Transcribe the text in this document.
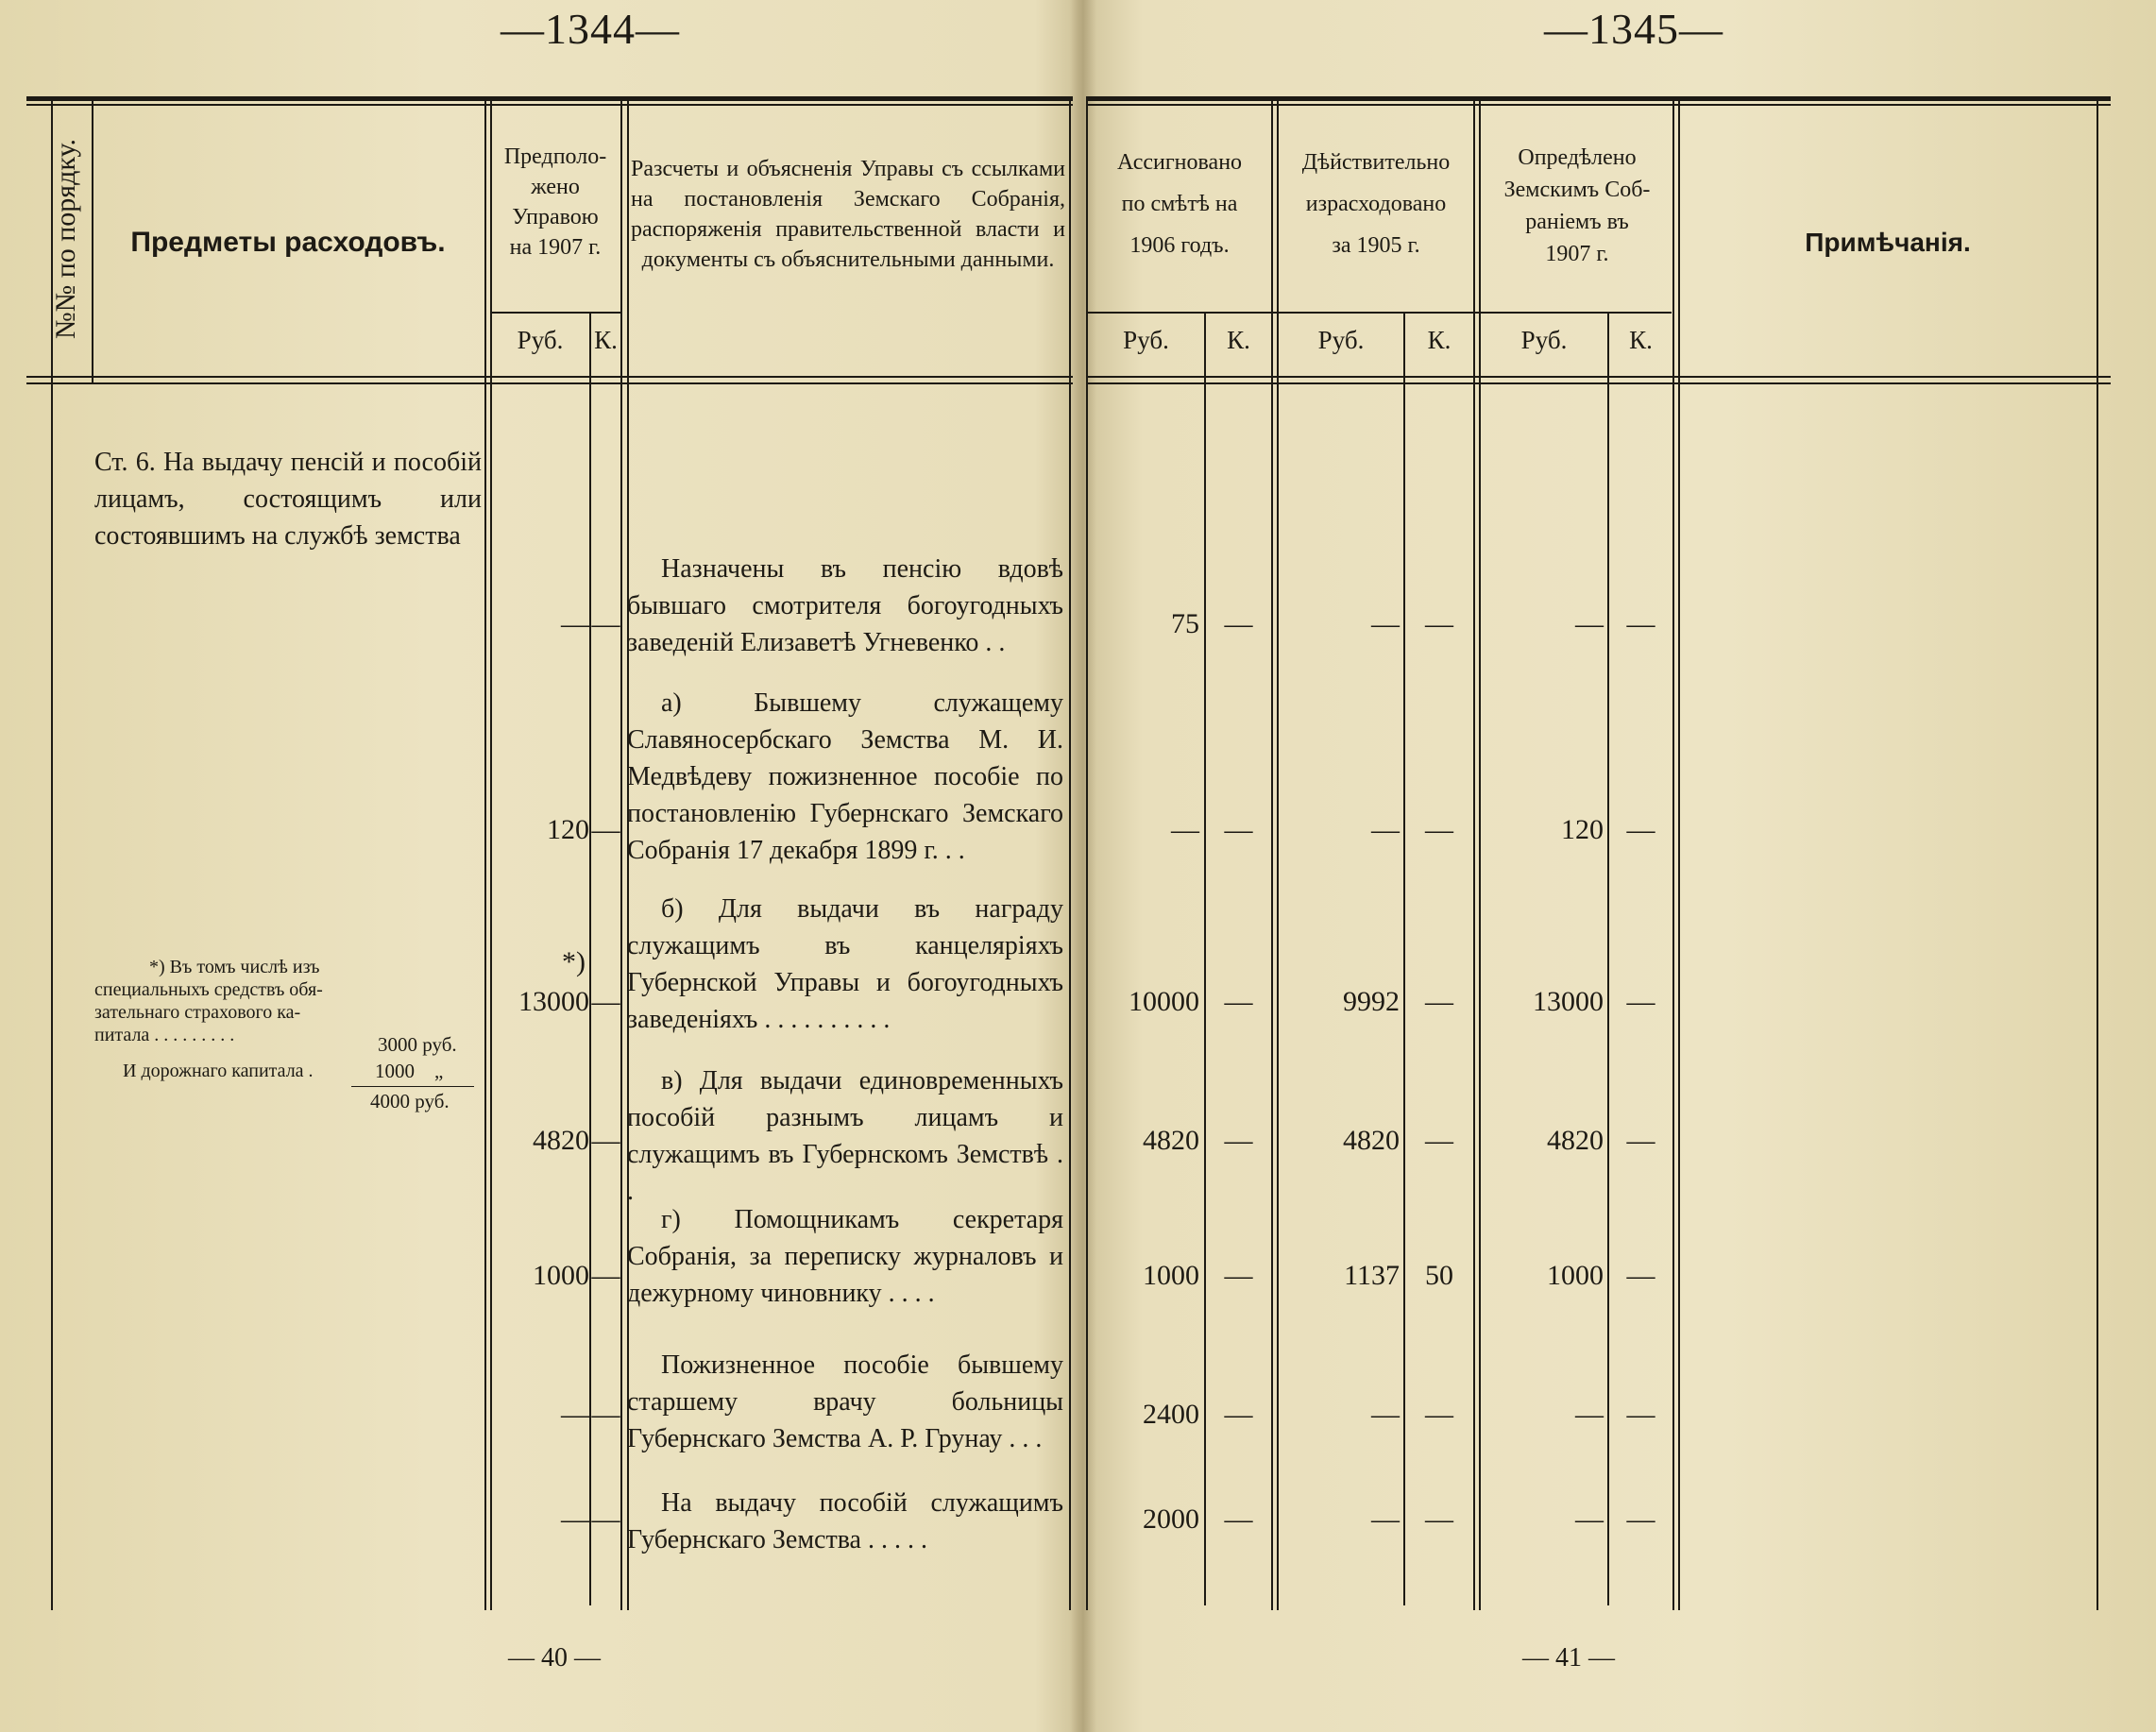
—1344—	—1345—
№№ по порядку.	Предметы расходовъ.
Предполо-
жено
Управою
на 1907 г.
Разсчеты и объясненія Управы съ ссылками на постановленія Земскаго Собранія, распоряженія правительственной власти и документы съ объяснительными данными.
Ассигновано
по смѣтѣ на
1906 годъ.
Дѣйствительно
израсходовано
за 1905 г.
Опредѣлено
Земскимъ Соб-
раніемъ въ
1907 г.	Примѣчанія.
Руб.	К.	Руб.	К.	Руб.	К.	Руб.	К.
Ст. 6. На выдачу пенсій и пособій лицамъ, состоящимъ или состоявшимъ на службѣ земства
*) Въ томъ числѣ изъ
специальныхъ средствъ обя-
зательнаго страхового ка-
питала . . . . . . . . .	3000 руб.
И дорожнаго капитала .	1000 „
4000 руб.
Назначены въ пенсію вдовѣ бывшаго смотрителя богоугодныхъ заведеній Елизаветѣ Угневенко . .
— —	75 —	— —	— —
а) Бывшему служащему Славяносербскаго Земства М. И. Медвѣдеву пожизненное пособіе по постановленію Губернскаго Земскаго Собранія 17 декабря 1899 г. . .
120 —	— —	— —	120 —
б) Для выдачи въ награду служащимъ въ канцеляріяхъ Губернской Управы и богоугодныхъ заведеніяхъ . . . . . . . . . .
13000 —	10000 —	9992 —	13000 —
*)
в) Для выдачи единовременныхъ пособій разнымъ лицамъ и служащимъ въ Губернскомъ Земствѣ . .
4820 —	4820 —	4820 —	4820 —
г) Помощникамъ секретаря Собранія, за переписку журналовъ и дежурному чиновнику . . . .
1000 —	1000 —	1137 50	1000 —
Пожизненное пособіе бывшему старшему врачу больницы Губернскаго Земства А. Р. Грунау . . .
— —	2400 —	— —	— —
На выдачу пособій служащимъ Губернскаго Земства . . . . .
— —	2000 —	— —	— —
— 40 —	— 41 —
